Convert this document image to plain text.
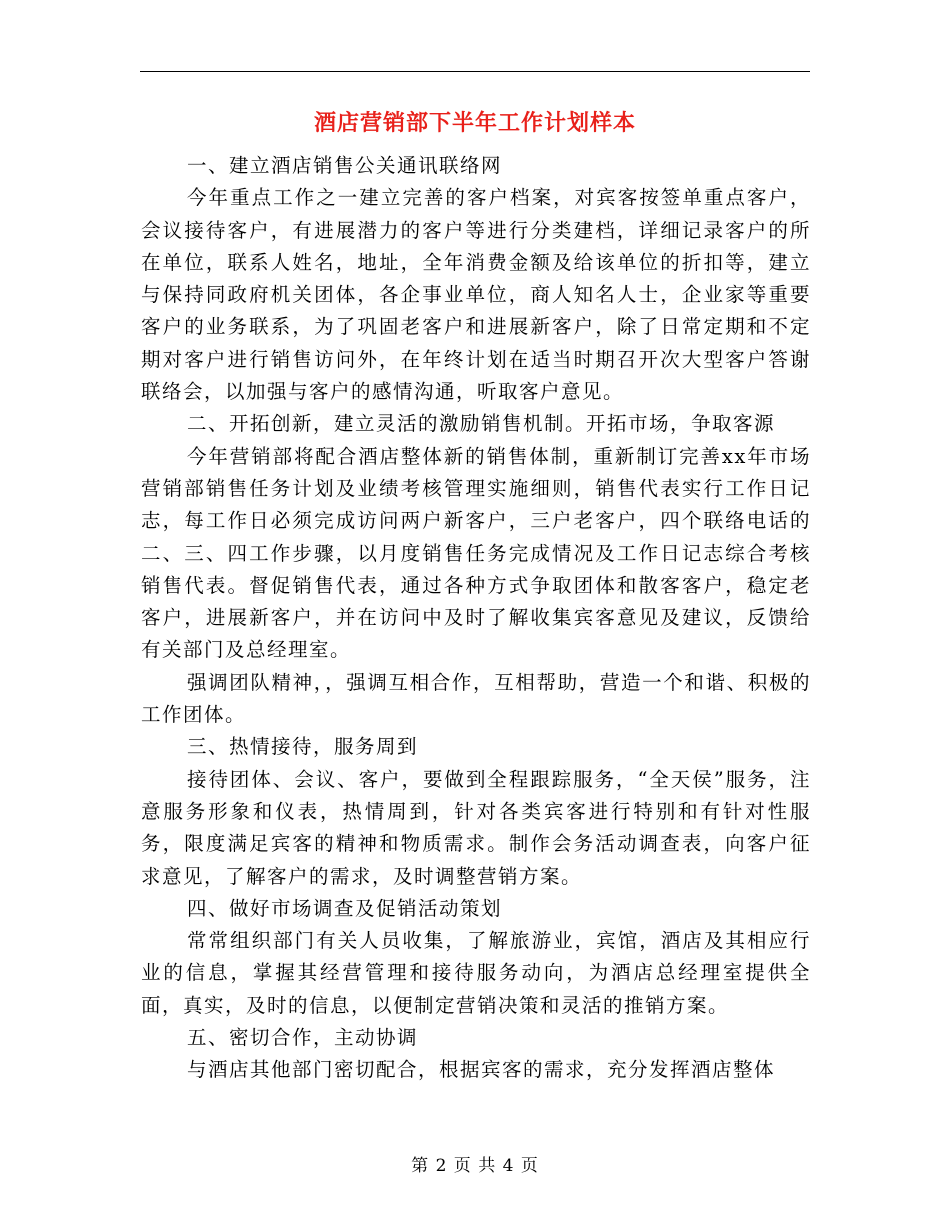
酒店营销部下半年工作计划样本

一、建立酒店销售公关通讯联络网

今年重点工作之一建立完善的客户档案，对宾客按签单重点客户，会议接待客户，有进展潜力的客户等进行分类建档，详细记录客户的所在单位，联系人姓名，地址，全年消费金额及给该单位的折扣等，建立与保持同政府机关团体，各企事业单位，商人知名人士，企业家等重要客户的业务联系，为了巩固老客户和进展新客户，除了日常定期和不定期对客户进行销售访问外，在年终计划在适当时期召开次大型客户答谢联络会，以加强与客户的感情沟通，听取客户意见。

二、开拓创新，建立灵活的激励销售机制。开拓市场，争取客源

今年营销部将配合酒店整体新的销售体制，重新制订完善xx年市场营销部销售任务计划及业绩考核管理实施细则，销售代表实行工作日记志，每工作日必须完成访问两户新客户，三户老客户，四个联络电话的二、三、四工作步骤，以月度销售任务完成情况及工作日记志综合考核销售代表。督促销售代表，通过各种方式争取团体和散客客户，稳定老客户，进展新客户，并在访问中及时了解收集宾客意见及建议，反馈给有关部门及总经理室。

强调团队精神，，强调互相合作，互相帮助，营造一个和谐、积极的工作团体。

三、热情接待，服务周到

接待团体、会议、客户，要做到全程跟踪服务，“全天侯”服务，注意服务形象和仪表，热情周到，针对各类宾客进行特别和有针对性服务，限度满足宾客的精神和物质需求。制作会务活动调查表，向客户征求意见，了解客户的需求，及时调整营销方案。

四、做好市场调查及促销活动策划

常常组织部门有关人员收集，了解旅游业，宾馆，酒店及其相应行业的信息，掌握其经营管理和接待服务动向，为酒店总经理室提供全面，真实，及时的信息，以便制定营销决策和灵活的推销方案。

五、密切合作，主动协调

与酒店其他部门密切配合，根据宾客的需求，充分发挥酒店整体

第 2 页 共 4 页
